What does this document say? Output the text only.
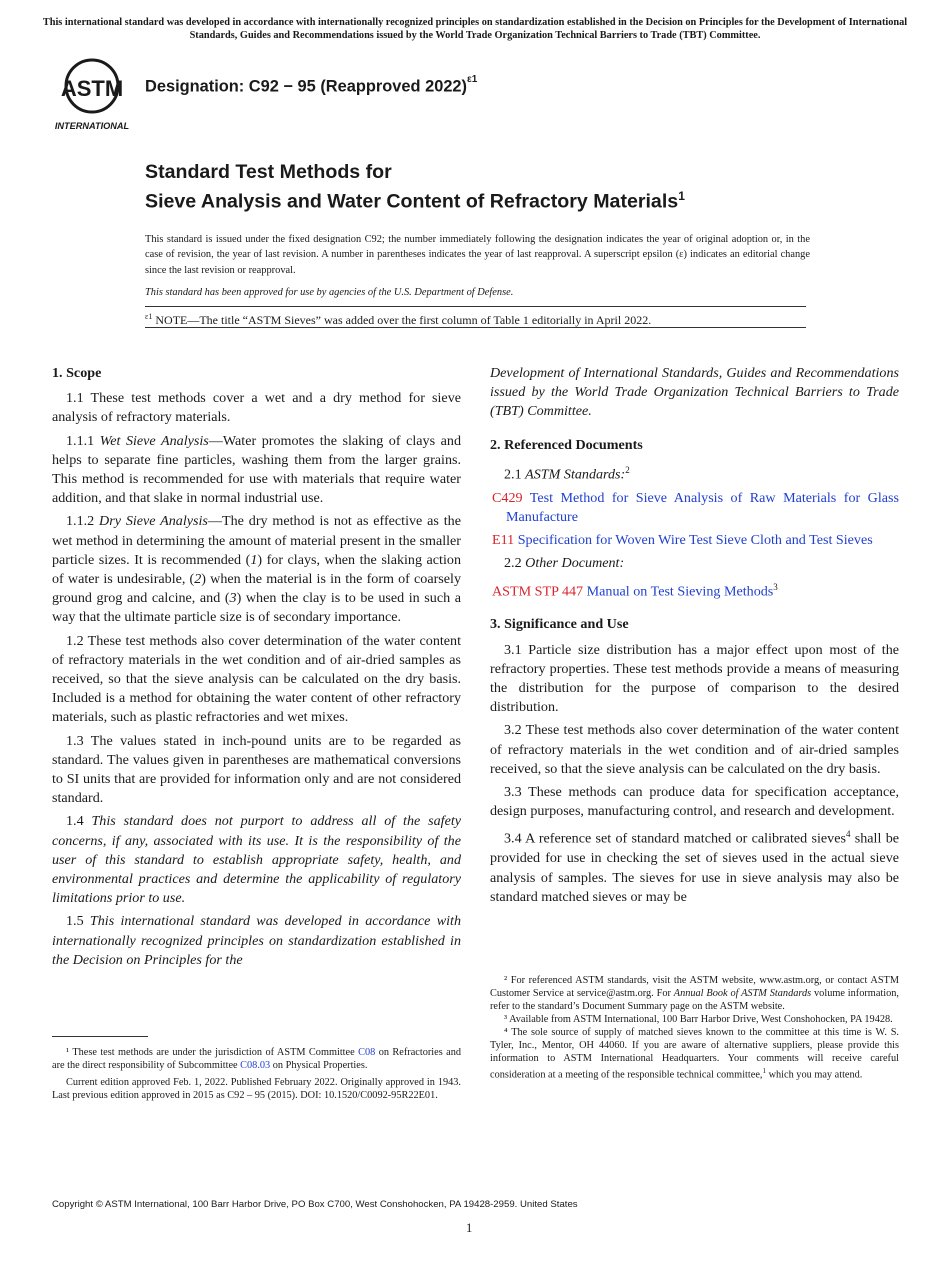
This international standard was developed in accordance with internationally recognized principles on standardization established in the Decision on Principles for the Development of International Standards, Guides and Recommendations issued by the World Trade Organization Technical Barriers to Trade (TBT) Committee.
ASTM
INTERNATIONAL
Designation: C92 − 95 (Reapproved 2022)$^{\varepsilon 1}$
Standard Test Methods for
Sieve Analysis and Water Content of Refractory Materials$^1$
This standard is issued under the fixed designation C92; the number immediately following the designation indicates the year of original adoption or, in the case of revision, the year of last revision. A number in parentheses indicates the year of last reapproval. A superscript epsilon (ε) indicates an editorial change since the last revision or reapproval.
This standard has been approved for use by agencies of the U.S. Department of Defense.
$^{\varepsilon 1}$ NOTE—The title “ASTM Sieves” was added over the first column of Table 1 editorially in April 2022.

1. Scope

1.1 These test methods cover a wet and a dry method for sieve analysis of refractory materials.

1.1.1 Wet Sieve Analysis—Water promotes the slaking of clays and helps to separate fine particles, washing them from the larger grains. This method is recommended for use with materials that require water addition, and that slake in normal industrial use.

1.1.2 Dry Sieve Analysis—The dry method is not as effective as the wet method in determining the amount of material present in the smaller particle sizes. It is recommended (1) for clays, when the slaking action of water is undesirable, (2) when the material is in the form of coarsely ground grog and calcine, and (3) when the clay is to be used in such a way that the ultimate particle size is of secondary importance.

1.2 These test methods also cover determination of the water content of refractory materials in the wet condition and of air-dried samples as received, so that the sieve analysis can be calculated on the dry basis. Included is a method for obtaining the water content of other refractory materials, such as plastic refractories and wet mixes.

1.3 The values stated in inch-pound units are to be regarded as standard. The values given in parentheses are mathematical conversions to SI units that are provided for information only and are not considered standard.

1.4 This standard does not purport to address all of the safety concerns, if any, associated with its use. It is the responsibility of the user of this standard to establish appropriate safety, health, and environmental practices and determine the applicability of regulatory limitations prior to use.

1.5 This international standard was developed in accordance with internationally recognized principles on standardization established in the Decision on Principles for the

¹ These test methods are under the jurisdiction of ASTM Committee C08 on Refractories and are the direct responsibility of Subcommittee C08.03 on Physical Properties.

Current edition approved Feb. 1, 2022. Published February 2022. Originally approved in 1943. Last previous edition approved in 2015 as C92 – 95 (2015). DOI: 10.1520/C0092-95R22E01.

Development of International Standards, Guides and Recommendations issued by the World Trade Organization Technical Barriers to Trade (TBT) Committee.

2. Referenced Documents

2.1 ASTM Standards:$^2$

C429 Test Method for Sieve Analysis of Raw Materials for Glass Manufacture

E11 Specification for Woven Wire Test Sieve Cloth and Test Sieves

2.2 Other Document:

ASTM STP 447 Manual on Test Sieving Methods$^3$

3. Significance and Use

3.1 Particle size distribution has a major effect upon most of the refractory properties. These test methods provide a means of measuring the distribution for the purpose of comparison to the desired distribution.

3.2 These test methods also cover determination of the water content of refractory materials in the wet condition and of air-dried samples received, so that the sieve analysis can be calculated on the dry basis.

3.3 These methods can produce data for specification acceptance, design purposes, manufacturing control, and research and development.

3.4 A reference set of standard matched or calibrated sieves$^4$ shall be provided for use in checking the set of sieves used in the actual sieve analysis of samples. The sieves for use in sieve analysis may also be standard matched sieves or may be

² For referenced ASTM standards, visit the ASTM website, www.astm.org, or contact ASTM Customer Service at service@astm.org. For Annual Book of ASTM Standards volume information, refer to the standard’s Document Summary page on the ASTM website.

³ Available from ASTM International, 100 Barr Harbor Drive, West Conshohocken, PA 19428.

⁴ The sole source of supply of matched sieves known to the committee at this time is W. S. Tyler, Inc., Mentor, OH 44060. If you are aware of alternative suppliers, please provide this information to ASTM International Headquarters. Your comments will receive careful consideration at a meeting of the responsible technical committee,$^1$ which you may attend.

Copyright © ASTM International, 100 Barr Harbor Drive, PO Box C700, West Conshohocken, PA 19428-2959. United States
1
